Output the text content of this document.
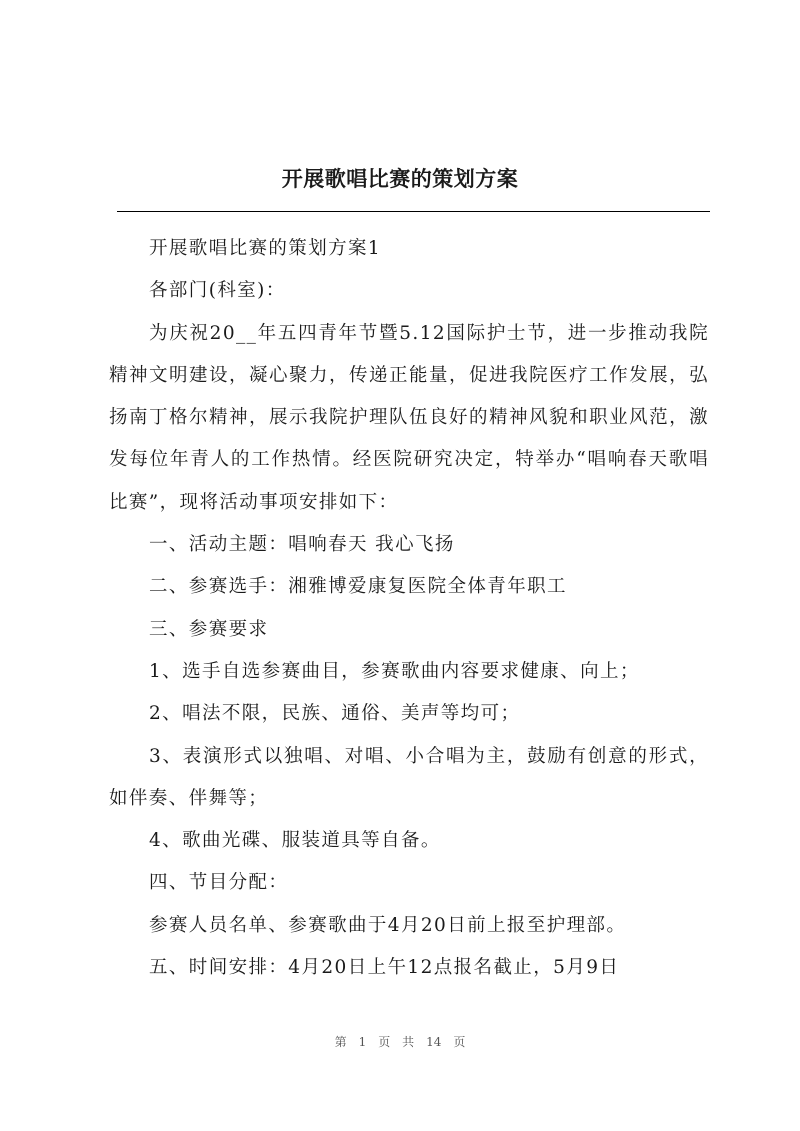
开展歌唱比赛的策划方案

开展歌唱比赛的策划方案1

各部门(科室)：

为庆祝20__年五四青年节暨5.12国际护士节，进一步推动我院精神文明建设，凝心聚力，传递正能量，促进我院医疗工作发展，弘扬南丁格尔精神，展示我院护理队伍良好的精神风貌和职业风范，激发每位年青人的工作热情。经医院研究决定，特举办“唱响春天歌唱比赛”，现将活动事项安排如下：

一、活动主题：唱响春天 我心飞扬

二、参赛选手：湘雅博爱康复医院全体青年职工

三、参赛要求

1、选手自选参赛曲目，参赛歌曲内容要求健康、向上；

2、唱法不限，民族、通俗、美声等均可；

3、表演形式以独唱、对唱、小合唱为主，鼓励有创意的形式，如伴奏、伴舞等；

4、歌曲光碟、服装道具等自备。

四、节目分配：

参赛人员名单、参赛歌曲于4月20日前上报至护理部。

五、时间安排：4月20日上午12点报名截止，5月9日

第 1 页 共 14 页
